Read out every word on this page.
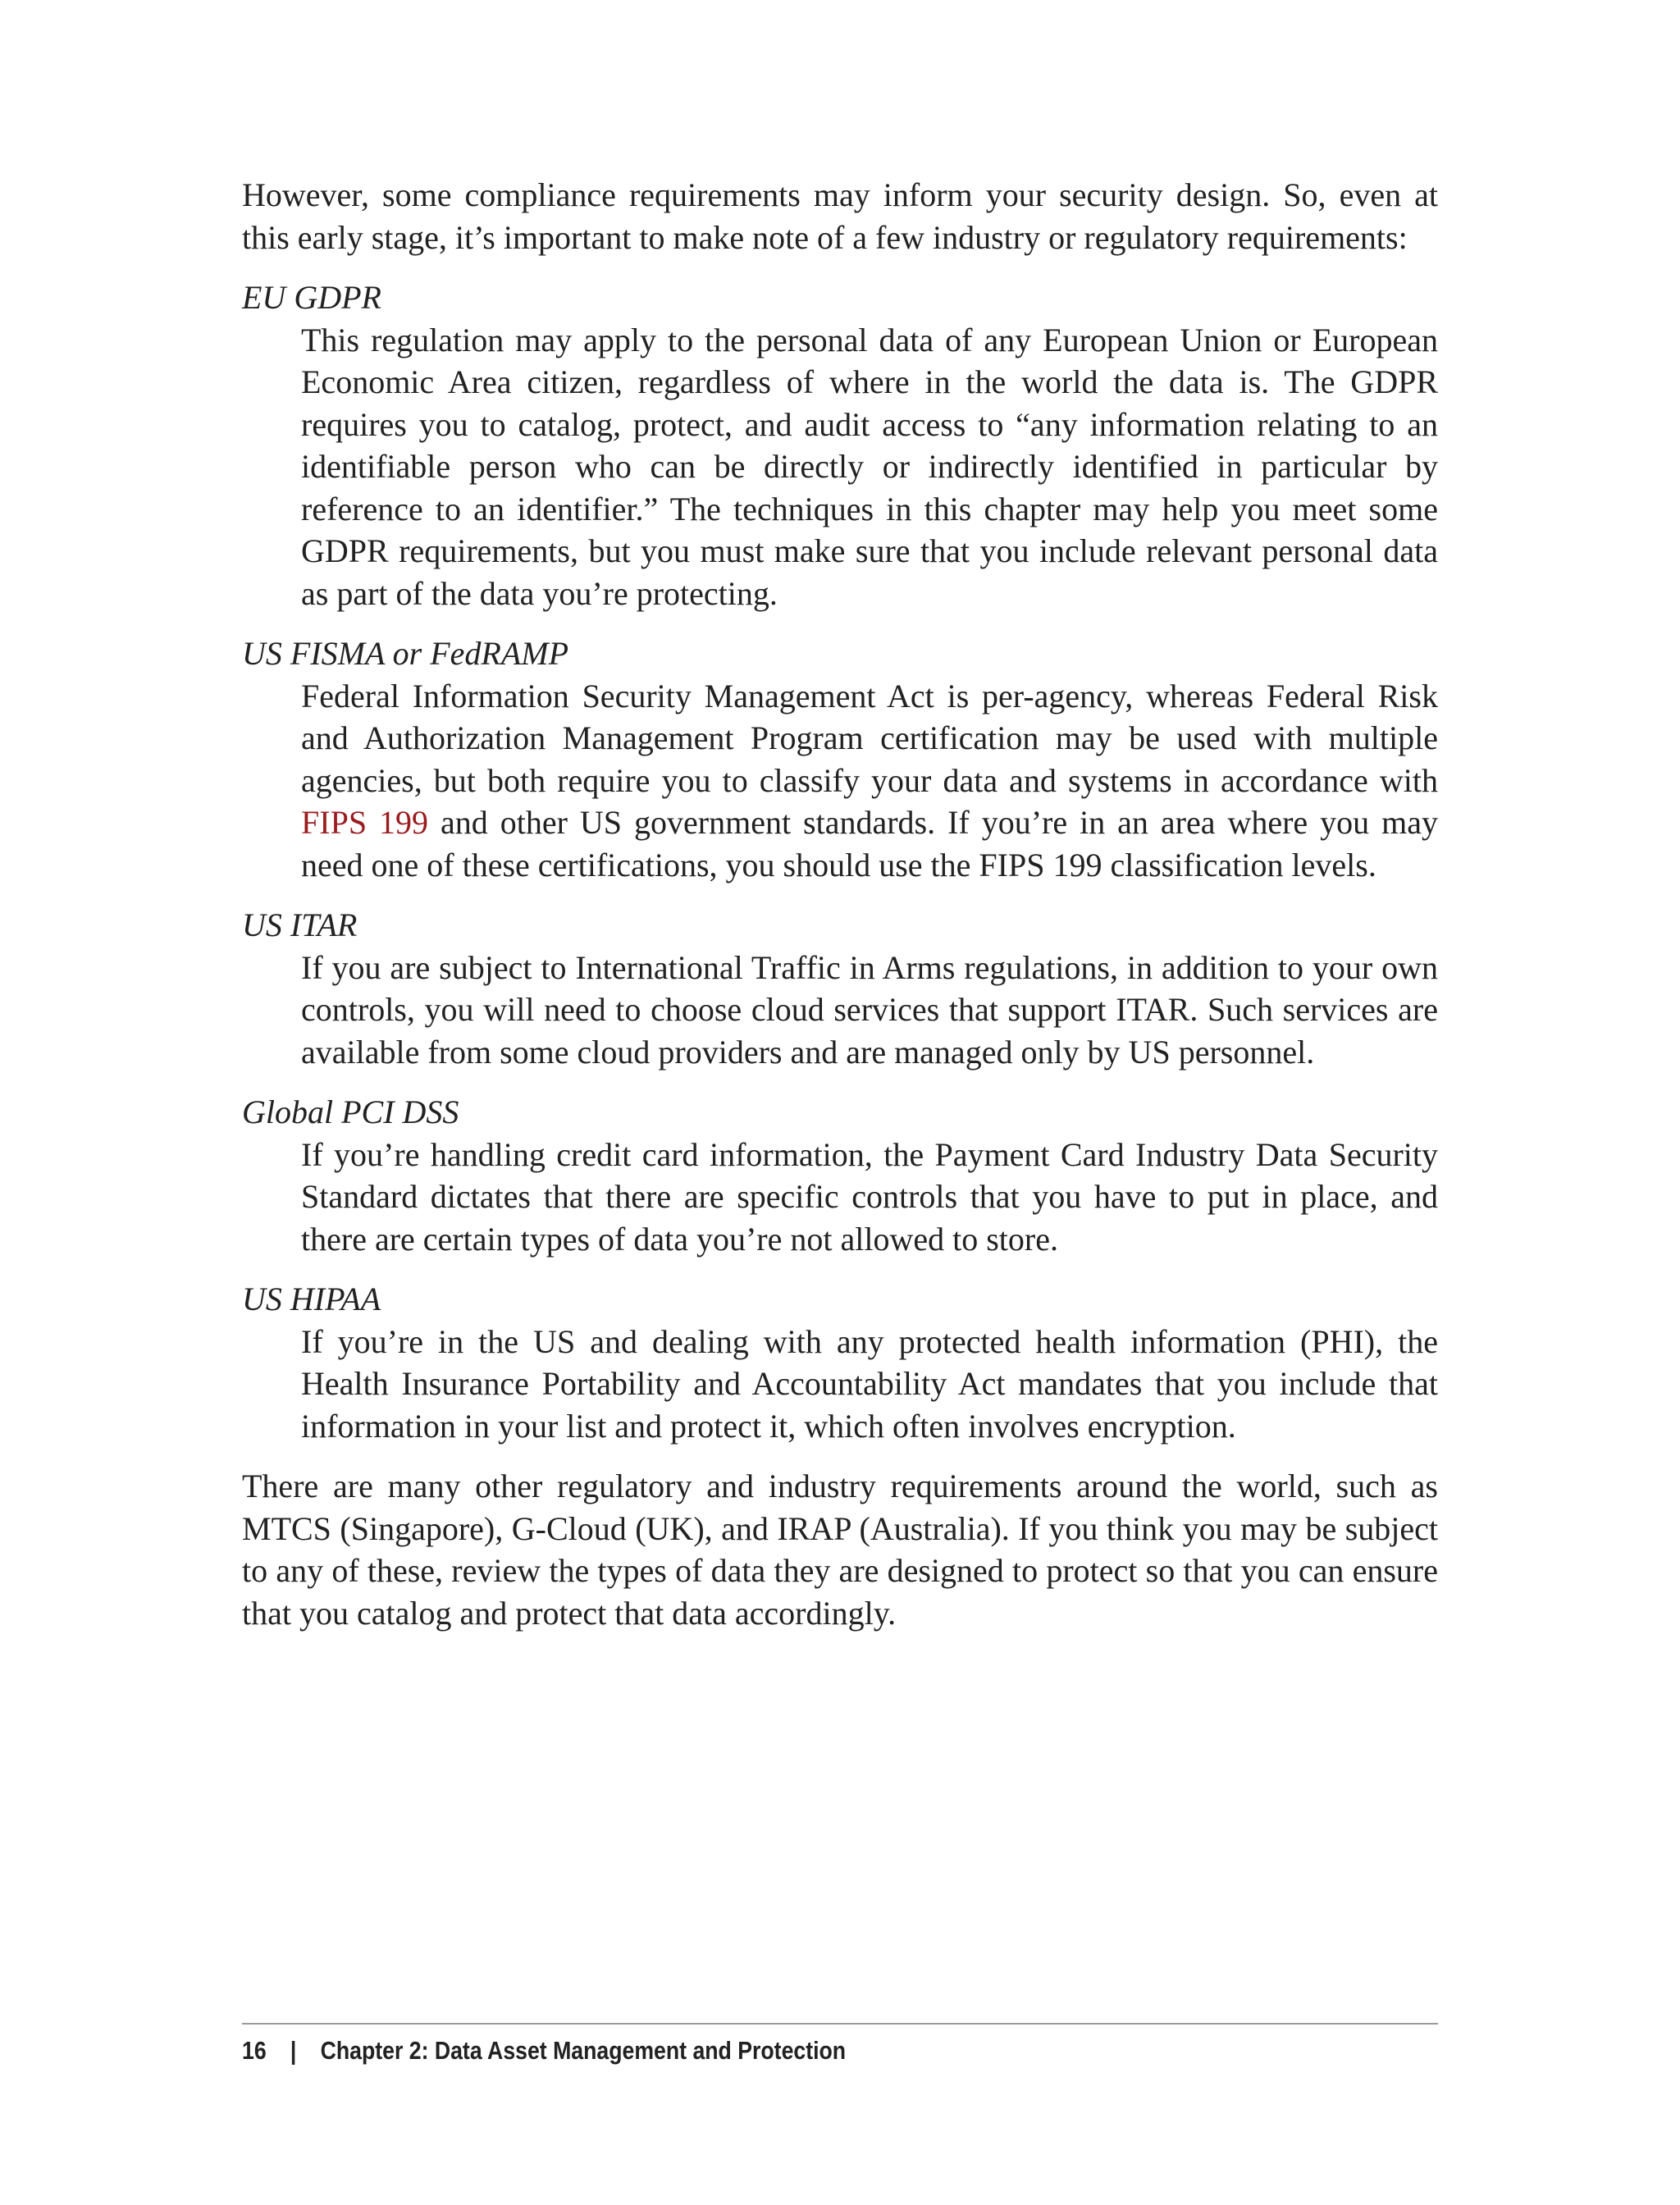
However, some compliance requirements may inform your security design. So, even at this early stage, it’s important to make note of a few industry or regulatory requirements:

EU GDPR
This regulation may apply to the personal data of any European Union or European Economic Area citizen, regardless of where in the world the data is. The GDPR requires you to catalog, protect, and audit access to “any information relating to an identifiable person who can be directly or indirectly identified in particular by reference to an identifier.” The techniques in this chapter may help you meet some GDPR requirements, but you must make sure that you include relevant personal data as part of the data you’re protecting.
US FISMA or FedRAMP
Federal Information Security Management Act is per-agency, whereas Federal Risk and Authorization Management Program certification may be used with multiple agencies, but both require you to classify your data and systems in accordance with FIPS 199 and other US government standards. If you’re in an area where you may need one of these certifications, you should use the FIPS 199 classification levels.
US ITAR
If you are subject to International Traffic in Arms regulations, in addition to your own controls, you will need to choose cloud services that support ITAR. Such services are available from some cloud providers and are managed only by US personnel.
Global PCI DSS
If you’re handling credit card information, the Payment Card Industry Data Security Standard dictates that there are specific controls that you have to put in place, and there are certain types of data you’re not allowed to store.
US HIPAA
If you’re in the US and dealing with any protected health information (PHI), the Health Insurance Portability and Accountability Act mandates that you include that information in your list and protect it, which often involves encryption.

There are many other regulatory and industry requirements around the world, such as MTCS (Singapore), G-Cloud (UK), and IRAP (Australia). If you think you may be subject to any of these, review the types of data they are designed to protect so that you can ensure that you catalog and protect that data accordingly.

16 | Chapter 2: Data Asset Management and Protection
